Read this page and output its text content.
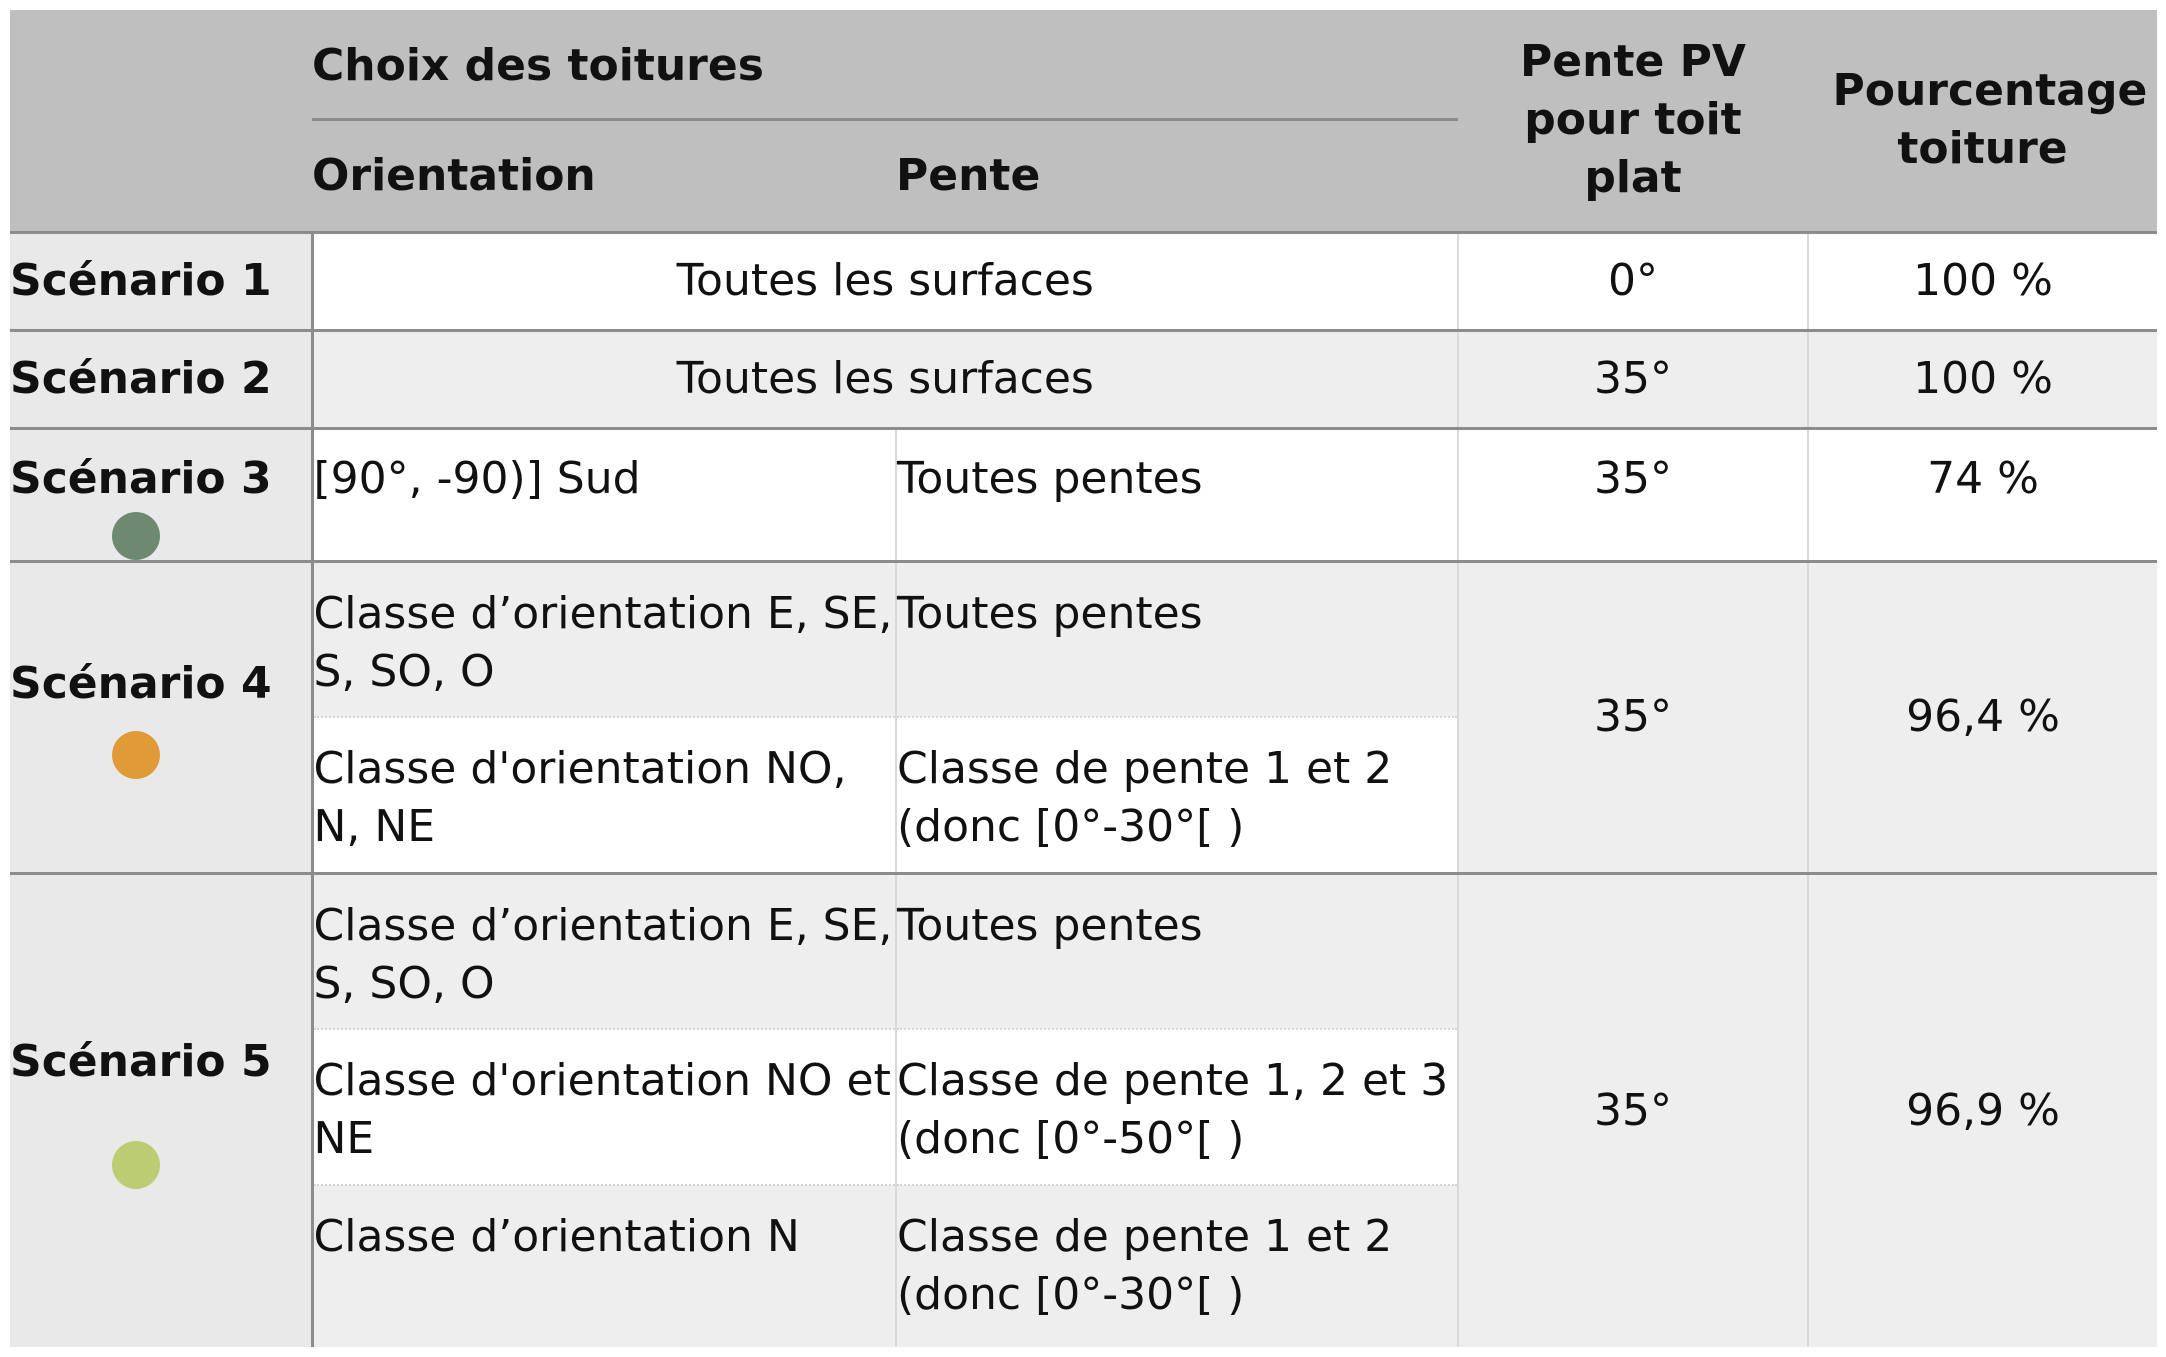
	Choix des toitures		Pente PV pour toit plat	Pourcentage toiture
	Orientation	Pente		
Scénario 1	Toutes les surfaces		0°	100 %
Scénario 2	Toutes les surfaces		35°	100 %
Scénario 3	[90°, -90)] Sud	Toutes pentes	35°	74 %
Scénario 4	Classe d’orientation E, SE, S, SO, O	Toutes pentes	35°	96,4 %
	Classe d'orientation NO, N, NE	Classe de pente 1 et 2 (donc [0°-30°[ )		
Scénario 5	Classe d’orientation E, SE, S, SO, O	Toutes pentes	35°	96,9 %
	Classe d'orientation NO et NE	Classe de pente 1, 2 et 3 (donc [0°-50°[ )		
	Classe d’orientation N	Classe de pente 1 et 2 (donc [0°-30°[ )		
